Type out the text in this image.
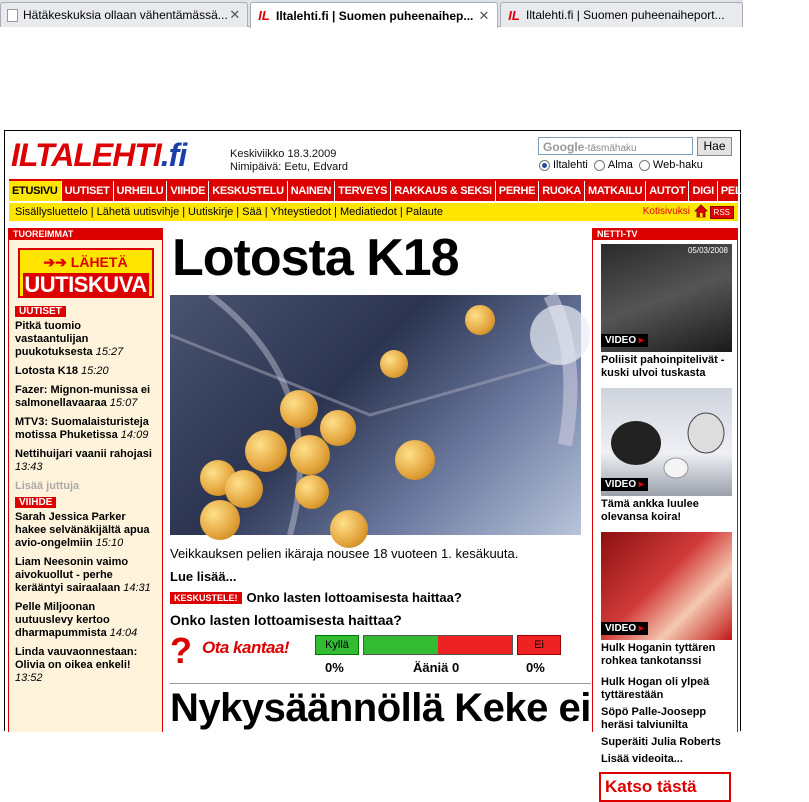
Hätäkeskuksia ollaan vähentämässä... ✕ IL Iltalehti.fi | Suomen puheenaihep... ✕ IL Iltalehti.fi | Suomen puheenaiheport...
ILTALEHTI.fi	Keskiviikko 18.3.2009
Nimipäivä: Eetu, Edvard
Google-täsmähaku	Hae
Iltalehti Alma Web-haku
ETUSIVU UUTISET URHEILU VIIHDE KESKUSTELU NAINEN TERVEYS RAKKAUS & SEKSI PERHE RUOKA MATKAILU AUTOT DIGI PELIT NETTI-TV
Sisällysluettelo | Lähetä uutisvihje | Uutiskirje | Sää | Yhteystiedot | Mediatiedot | Palaute	Kotisivuksi	RSS
TUOREIMMAT
➔➔ LÄHETÄ
UUTISKUVA
UUTISET
Pitkä tuomio vastaantulijan puukotuksesta 15:27
Lotosta K18 15:20
Fazer: Mignon-munissa ei salmonellavaaraa 15:07
MTV3: Suomalaisturisteja motissa Phuketissa 14:09
Nettihuijari vaanii rahojasi 13:43
Lisää juttuja
VIIHDE
Sarah Jessica Parker hakee selvänäkijältä apua avio-ongelmiin 15:10
Liam Neesonin vaimo aivokuollut - perhe kerääntyi sairaalaan 14:31
Pelle Miljoonan uutuuslevy kertoo dharmapummista 14:04
Linda vauvaonnestaan: Olivia on oikea enkeli! 13:52
Lotosta K18
Veikkauksen pelien ikäraja nousee 18 vuoteen 1. kesäkuuta.
Lue lisää...
KESKUSTELE! Onko lasten lottoamisesta haittaa?
Onko lasten lottoamisesta haittaa?
? Ota kantaa!	Kyllä	Ei
0%	Ääniä 0	0%
Nykysäännöllä Keke ei
NETTI-TV
05/03/2008
VIDEO ▸
Poliisit pahoinpitelivät - kuski ulvoi tuskasta
VIDEO ▸
Tämä ankka luulee olevansa koira!
VIDEO ▸
Hulk Hoganin tyttären rohkea tankotanssi
Hulk Hogan oli ylpeä tyttärestään
Söpö Palle-Joosepp heräsi talviunilta
Superäiti Julia Roberts
Lisää videoita...
Katso tästä
